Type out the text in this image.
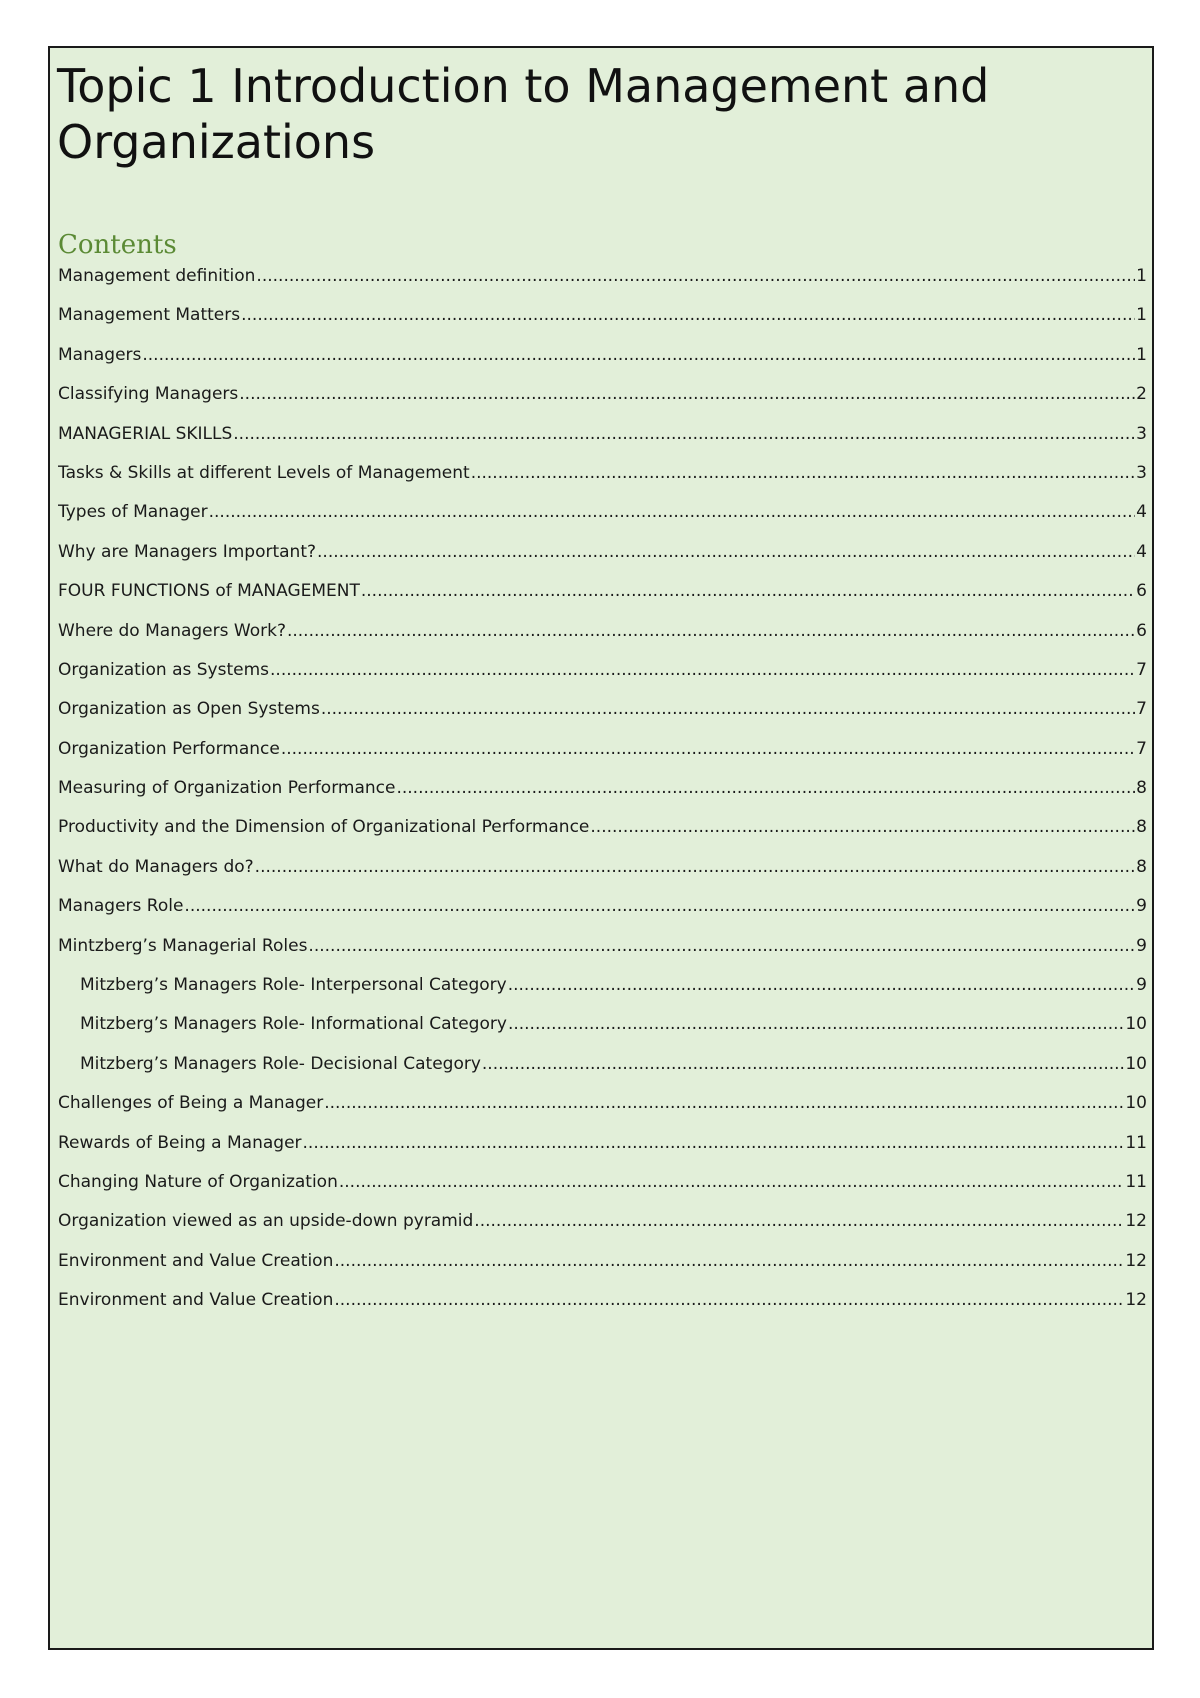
Topic 1 Introduction to Management and Organizations
Contents
Management definition .....	1
Management Matters .....	1
Managers .....	1
Classifying Managers .....	2
MANAGERIAL SKILLS .....	3
Tasks & Skills at different Levels of Management .....	3
Types of Manager .....	4
Why are Managers Important? .....	4
FOUR FUNCTIONS of MANAGEMENT .....	6
Where do Managers Work? .....	6
Organization as Systems .....	7
Organization as Open Systems .....	7
Organization Performance .....	7
Measuring of Organization Performance .....	8
Productivity and the Dimension of Organizational Performance .....	8
What do Managers do? .....	8
Managers Role .....	9
Mintzberg’s Managerial Roles .....	9
Mitzberg’s Managers Role- Interpersonal Category .....	9
Mitzberg’s Managers Role- Informational Category .....	10
Mitzberg’s Managers Role- Decisional Category .....	10
Challenges of Being a Manager .....	10
Rewards of Being a Manager .....	11
Changing Nature of Organization .....	11
Organization viewed as an upside-down pyramid .....	12
Environment and Value Creation .....	12
Environment and Value Creation .....	12
